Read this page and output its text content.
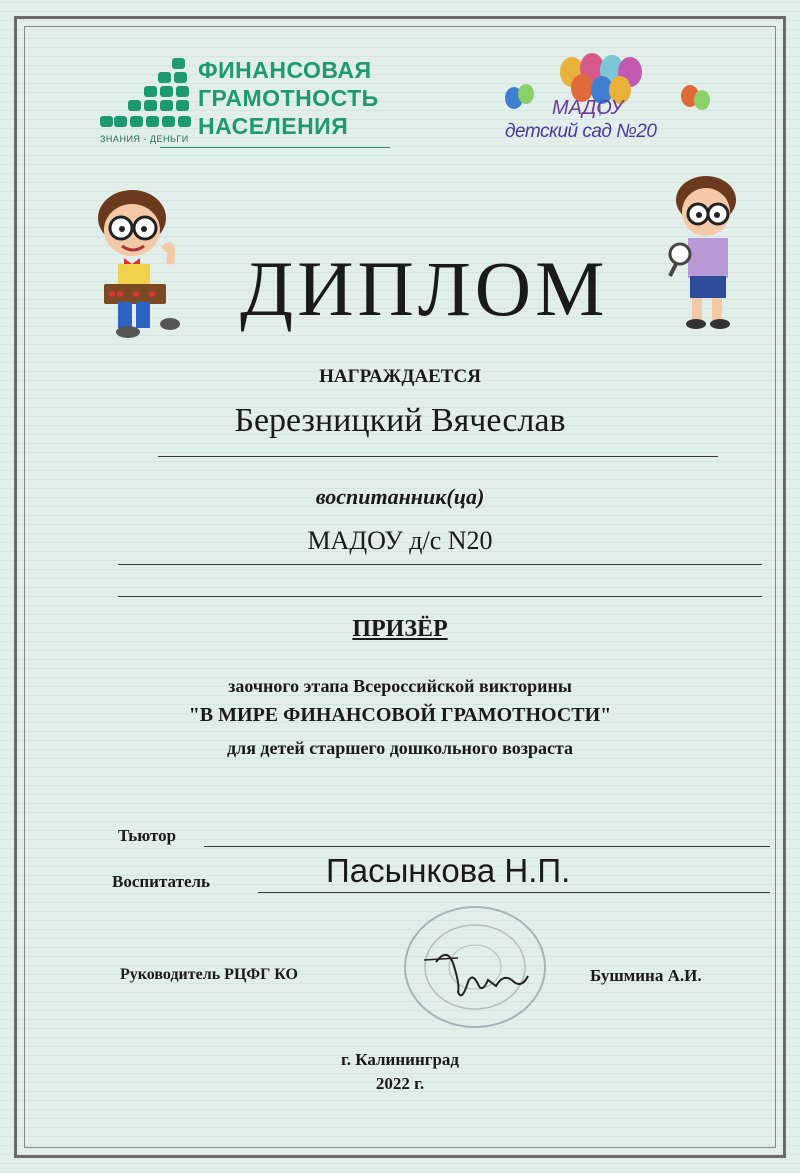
ФИНАНСОВАЯ
ГРАМОТНОСТЬ
НАСЕЛЕНИЯ
ЗНАНИЯ - ДЕНЬГИ
МАДОУ
детский сад №20
ДИПЛОМ
НАГРАЖДАЕТСЯ
Березницкий Вячеслав
воспитанник(ца)
МАДОУ д/с N20
ПРИЗЁР
заочного этапа Всероссийской викторины
"В МИРЕ ФИНАНСОВОЙ ГРАМОТНОСТИ"
для детей старшего дошкольного возраста
Тьютор
Воспитатель	Пасынкова Н.П.
Руководитель РЦФГ КО	Бушмина А.И.
г. Калининград
2022 г.
